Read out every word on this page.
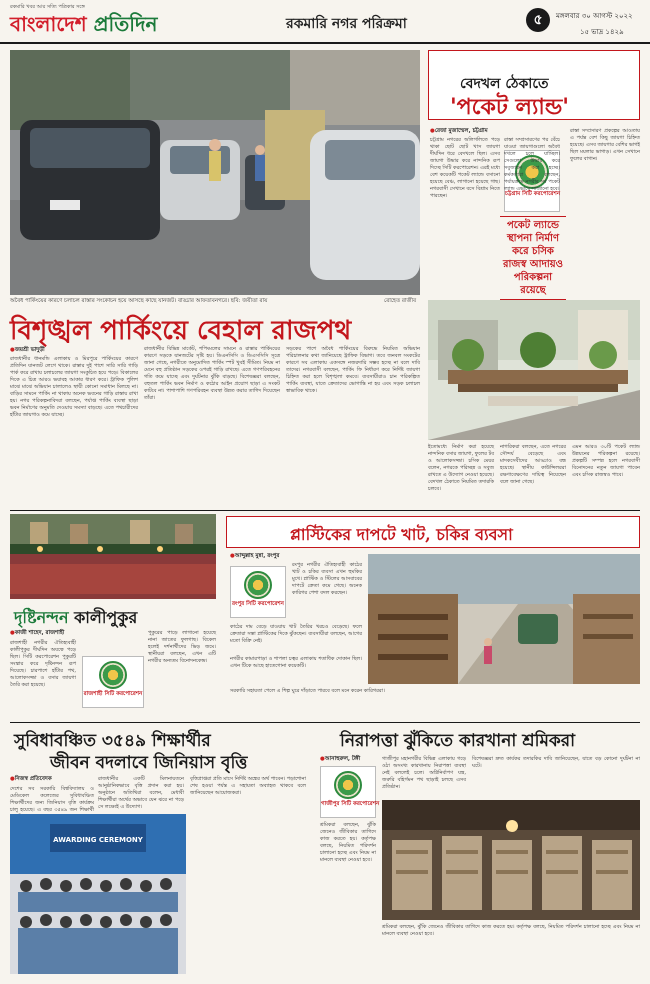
রকমারি খবর আর সত্যি পত্রিকার সঙ্গে
বাংলাদেশ প্রতিদিন	রকমারি নগর পরিক্রমা	৫	মঙ্গলবার ৩০ আগস্ট ২০২২
১৫ ভাদ্র ১৪২৯
অবৈধ পার্কিংয়ের কারণে চলাচল রাস্তার সংকোচন হয়ে আসছে কাছে যানজট। বাড্ডার আফতাবনগরে। ছবি: জয়ীতা রায়	রোহেত রাজীব
বিশৃঙ্খল পার্কিংয়ে বেহাল রাজপথ
● জয়শ্রী ভাদুড়ী
রাজধানীর ধানমন্ডি এলাকায় ও মিরপুরে পার্কিংয়ের কারণে প্রতিদিন যানজট লেগে থাকে। রাস্তার দুই পাশে সারি সারি গাড়ি পার্ক করে রাখায় চলাচলের জায়গা সংকুচিত হয়ে পড়ে। বিকালের দিকে এ চিত্র আরও ভয়াবহ আকার ধারণ করে। ট্রাফিক পুলিশ মাঝে মাঝে অভিযান চালালেও স্থায়ী কোনো সমাধান মিলছে না। বাড়ির সামনে পার্কিং না থাকায় অনেক ভবনের গাড়ি রাস্তায় রাখা হয়। নগর পরিকল্পনাবিদরা বলছেন, পর্যাপ্ত পার্কিং ব্যবস্থা ছাড়া ভবন নির্মাণের অনুমতি দেওয়ায় সমস্যা বাড়ছে। এতে পথচারীদের হাঁটার জায়গাও কমে যাচ্ছে।
রাজধানীর বিভিন্ন মার্কেট, শপিংমলের সামনে ও রাস্তার পার্কিংয়ের কারণে সড়কে যানজটের সৃষ্টি হয়। ডিএনসিসি ও ডিএসসিসি সূত্রে জানা গেছে, নগরীতে অনুমোদিত পার্কিং স্পট খুবই সীমিত। নিয়ম না মেনে বহু প্রতিষ্ঠান সড়কের ওপরই গাড়ি রাখছে। এতে গণপরিবহনের গতি কমে যাচ্ছে এবং দুর্ঘটনার ঝুঁকি বাড়ছে। বিশেষজ্ঞরা বলছেন, বহুতল পার্কিং ভবন নির্মাণ ও কঠোর আইন প্রয়োগ ছাড়া এ সংকট কাটবে না। পাশাপাশি গণপরিবহন ব্যবস্থা উন্নত করার তাগিদ দিয়েছেন তাঁরা।
সড়কের পাশে অবৈধ পার্কিংয়ের বিরুদ্ধে নিয়মিত অভিযান পরিচালনার কথা জানিয়েছে ট্রাফিক বিভাগ। তবে জনবল সংকটের কারণে সব এলাকায় একসঙ্গে নজরদারি সম্ভব হচ্ছে না বলে দাবি তাদের। নগরবাসী বলছেন, পার্কিং ফি নির্ধারণ করে নির্দিষ্ট জায়গা চিহ্নিত করা হলে বিশৃঙ্খলা কমবে। ব্যবসায়ীরাও চান পরিকল্পিত পার্কিং ব্যবস্থা, যাতে ক্রেতাদের ভোগান্তি না হয় এবং সড়ক চলাচল স্বাভাবিক থাকে।
বেদখল ঠেকাতে
'পকেট ল্যান্ড'
● রেজা মুজাম্মেল, চট্টগ্রাম
চট্টগ্রাম নগরের অলিগলিতে পড়ে থাকা ছোট ছোট খাস জায়গা দীর্ঘদিন ধরে বেদখলে ছিল। এসব জায়গা উদ্ধার করে নান্দনিক রূপ দিচ্ছে সিটি করপোরেশন। এরই মধ্যে বেশ কয়েকটি পকেট ল্যান্ডে বসানো হয়েছে বেঞ্চ, লাগানো হয়েছে গাছ। নগরবাসী সেখানে বসে বিশ্রাম নিতে পারছেন।	চট্টগ্রাম সিটি করপোরেশন
রাস্তা সম্প্রসারণের পর বেঁচে যাওয়া জায়গাগুলো অবৈধ দখলে চলে যাচ্ছিল। সেগুলো উদ্ধার করে সবুজায়ন করা হচ্ছে। কর্মকর্তারা বলছেন, পর্যায়ক্রমে নগরীর সব পকেট ল্যান্ড এভাবে সাজানো হবে।
পকেট ল্যান্ডে স্থাপনা নির্মাণ করে চসিক রাজস্ব আদায়ও পরিকল্পনা রয়েছে
রাস্তা সম্প্রসারণ প্রকল্পের আওতায় এ পর্যন্ত বেশ কিছু জায়গা চিহ্নিত হয়েছে। এসব জায়গার বেশির ভাগই ছিল ময়লার ভাগাড়। এখন সেখানে ফুলের বাগান।
ইতোমধ্যে নির্মাণ করা হয়েছে নান্দনিক বসার জায়গা, ফুলের টব ও আলোকসজ্জা। চসিক মেয়র বলেন, নগরকে পরিচ্ছন্ন ও সবুজ রাখতে এ উদ্যোগ নেওয়া হয়েছে। বেদখল ঠেকাতে নিয়মিত তদারকি চলবে।
নাগরিকরা বলছেন, এতে নগরের সৌন্দর্য বেড়েছে এবং মাদকসেবীদের আড্ডাও বন্ধ হয়েছে। স্থানীয় কাউন্সিলররা রক্ষণাবেক্ষণের দায়িত্ব নিয়েছেন বলে জানা গেছে।
এমন আরও ৩০টি পকেট ল্যান্ড উন্নয়নের পরিকল্পনা রয়েছে। প্রকল্পটি সম্পন্ন হলে নগরবাসী বিনোদনের নতুন জায়গা পাবেন এবং চসিক রাজস্বও পাবে।
দৃষ্টিনন্দন কালীপুকুর
● কাজী শাহেদ, রাজশাহী
রাজশাহী নগরীর ঐতিহ্যবাহী কালীপুকুর দীর্ঘদিন অযত্নে পড়ে ছিল। সিটি করপোরেশন পুকুরটি সংস্কার করে দৃষ্টিনন্দন রূপ দিয়েছে। চারপাশে হাঁটার পথ, আলোকসজ্জা ও বসার জায়গা তৈরি করা হয়েছে।
রাজশাহী সিটি করপোরেশন
পুকুরের পাড়ে লাগানো হয়েছে নানা জাতের ফুলগাছ। বিকেল হলেই দর্শনার্থীদের ভিড় জমে। স্থানীয়রা বলছেন, এখন এটি নগরীর অন্যতম বিনোদনকেন্দ্র।
প্লাস্টিকের দাপটে খাট, চকির ব্যবসা
● আব্দুল্লাহ মুন্না, রংপুর
রংপুর সিটি করপোরেশন
রংপুর নগরীর ঐতিহ্যবাহী কাঠের খাট ও চকির ব্যবসা এখন হুমকির মুখে। প্লাস্টিক ও স্টিলের আসবাবের দাপটে ক্রেতা কমে গেছে। অনেক কারিগর পেশা বদল করছেন।
কাঠের দাম বেড়ে যাওয়ায় খাট তৈরির খরচও বেড়েছে। ফলে ক্রেতারা সস্তা প্লাস্টিকের দিকে ঝুঁকছেন। ব্যবসায়ীরা বলছেন, আগের মতো বিক্রি নেই।
নগরীর কামারপাড়া ও শাপলা চত্বর এলাকায় শতাধিক দোকান ছিল। এখন টিকে আছে হাতেগোনা কয়েকটি।
সরকারি সহায়তা পেলে এ শিল্প ঘুরে দাঁড়াতে পারবে বলে মনে করেন কারিগররা।
সুবিধাবঞ্চিত ৩৫৪৯ শিক্ষার্থীর
জীবন বদলাবে জিনিয়াস বৃত্তি
● নিজস্ব প্রতিবেদক
দেশের সব সরকারি বিশ্ববিদ্যালয় ও মেডিকেল কলেজের সুবিধাবঞ্চিত শিক্ষার্থীদের জন্য জিনিয়াস বৃত্তি কার্যক্রম চালু হয়েছে। এ বছর ৩৫৪৯ জন শিক্ষার্থী
রাজধানীর একটি মিলনায়তনে আনুষ্ঠানিকভাবে বৃত্তি প্রদান করা হয়। অনুষ্ঠানে অতিথিরা বলেন, মেধাবী শিক্ষার্থীরা অর্থের অভাবে যেন ঝরে না পড়ে সে লক্ষ্যেই এ উদ্যোগ।
বৃত্তিপ্রাপ্তরা প্রতি মাসে নির্দিষ্ট অঙ্কের অর্থ পাবেন। পড়াশোনা শেষ হওয়া পর্যন্ত এ সহায়তা অব্যাহত থাকবে বলে জানিয়েছেন আয়োজকরা।
AWARDING CEREMONY
নিরাপত্তা ঝুঁকিতে কারখানা শ্রমিকরা
● আনাহুরুল, টঙ্গী
গাজীপুর সিটি করপোরেশন
গাজীপুর মহানগরীর বিভিন্ন এলাকায় গড়ে ওঠা অসংখ্য কারখানায় নিরাপত্তা ব্যবস্থা নেই বললেই চলে। অগ্নিনির্বাপণ যন্ত্র, জরুরি বহির্গমন পথ ছাড়াই চলছে এসব প্রতিষ্ঠান।
শ্রমিকরা বলছেন, ঝুঁকি জেনেও জীবিকার তাগিদে কাজ করতে হয়। কর্তৃপক্ষ বলছে, নিয়মিত পরিদর্শন চালানো হচ্ছে এবং নিয়ম না মানলে ব্যবস্থা নেওয়া হবে।
বিশেষজ্ঞরা দ্রুত কার্যকর তদারকির দাবি জানিয়েছেন, যাতে বড় কোনো দুর্ঘটনা না ঘটে।
শ্রমিকরা বলছেন, ঝুঁকি জেনেও জীবিকার তাগিদে কাজ করতে হয়। কর্তৃপক্ষ বলছে, নিয়মিত পরিদর্শন চালানো হচ্ছে এবং নিয়ম না মানলে ব্যবস্থা নেওয়া হবে।
